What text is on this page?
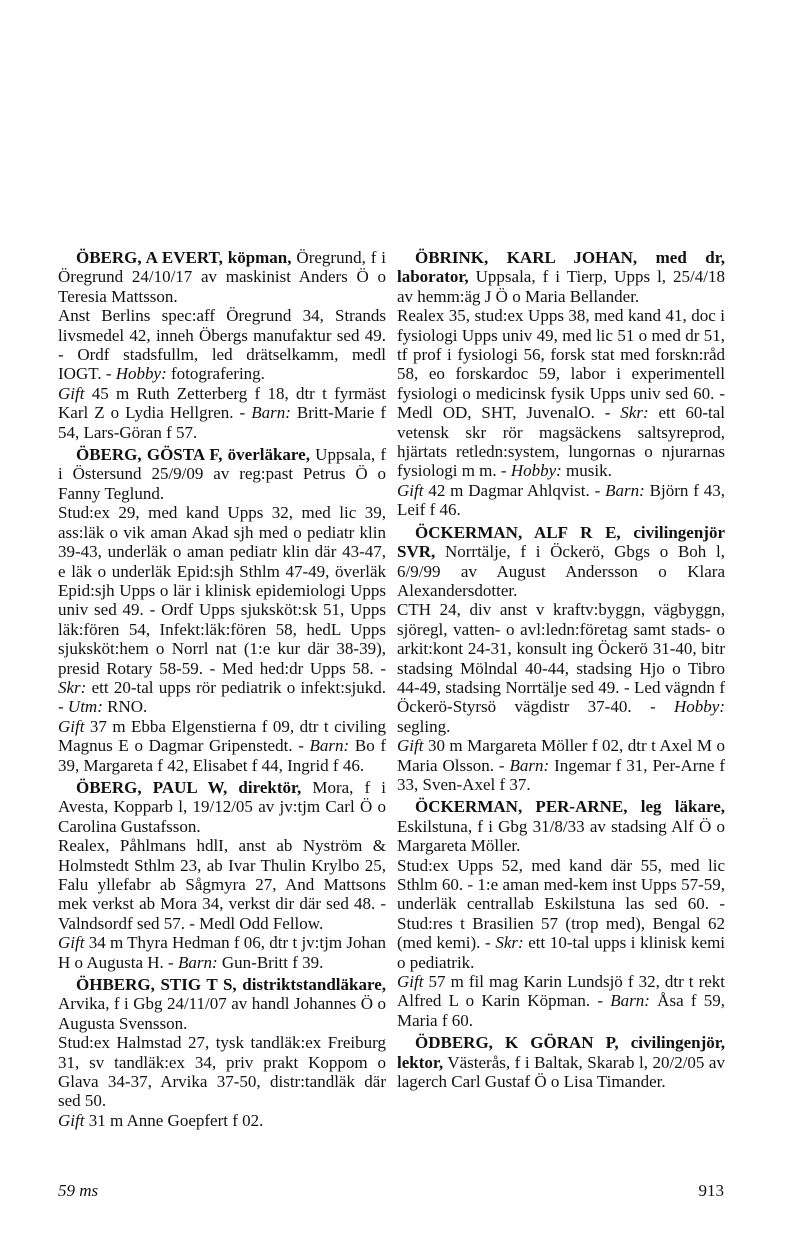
ÖBERG, A EVERT, köpman, Öregrund, f i Öregrund 24/10/17 av maskinist Anders Ö o Teresia Mattsson.

Anst Berlins spec:aff Öregrund 34, Strands livsmedel 42, inneh Öbergs manufaktur sed 49. - Ordf stadsfullm, led drätselkamm, medl IOGT. - Hobby: fotografering.

Gift 45 m Ruth Zetterberg f 18, dtr t fyrmäst Karl Z o Lydia Hellgren. - Barn: Britt-Marie f 54, Lars-Göran f 57.

ÖBERG, GÖSTA F, överläkare, Uppsala, f i Östersund 25/9/09 av reg:past Petrus Ö o Fanny Teglund.

Stud:ex 29, med kand Upps 32, med lic 39, ass:läk o vik aman Akad sjh med o pediatr klin 39-43, underläk o aman pediatr klin där 43-47, e läk o underläk Epid:sjh Sthlm 47-49, överläk Epid:sjh Upps o lär i klinisk epidemiologi Upps univ sed 49. - Ordf Upps sjuksköt:sk 51, Upps läk:fören 54, Infekt:läk:fören 58, hedL Upps sjuksköt:hem o Norrl nat (1:e kur där 38-39), presid Rotary 58-59. - Med hed:dr Upps 58. - Skr: ett 20-tal upps rör pediatrik o infekt:sjukd. - Utm: RNO.

Gift 37 m Ebba Elgenstierna f 09, dtr t civiling Magnus E o Dagmar Gripenstedt. - Barn: Bo f 39, Margareta f 42, Elisabet f 44, Ingrid f 46.

ÖBERG, PAUL W, direktör, Mora, f i Avesta, Kopparb l, 19/12/05 av jv:tjm Carl Ö o Carolina Gustafsson.

Realex, Påhlmans hdlI, anst ab Nyström & Holmstedt Sthlm 23, ab Ivar Thulin Krylbo 25, Falu yllefabr ab Sågmyra 27, And Mattsons mek verkst ab Mora 34, verkst dir där sed 48. - Valndsordf sed 57. - Medl Odd Fellow.

Gift 34 m Thyra Hedman f 06, dtr t jv:tjm Johan H o Augusta H. - Barn: Gun-Britt f 39.

ÖHBERG, STIG T S, distriktstandläkare, Arvika, f i Gbg 24/11/07 av handl Johannes Ö o Augusta Svensson.

Stud:ex Halmstad 27, tysk tandläk:ex Freiburg 31, sv tandläk:ex 34, priv prakt Koppom o Glava 34-37, Arvika 37-50, distr:tandläk där sed 50.

Gift 31 m Anne Goepfert f 02.

ÖBRINK, KARL JOHAN, med dr, laborator, Uppsala, f i Tierp, Upps l, 25/4/18 av hemm:äg J Ö o Maria Bellander.

Realex 35, stud:ex Upps 38, med kand 41, doc i fysiologi Upps univ 49, med lic 51 o med dr 51, tf prof i fysiologi 56, forsk stat med forskn:råd 58, eo forskardoc 59, labor i experimentell fysiologi o medicinsk fysik Upps univ sed 60. - Medl OD, SHT, JuvenalO. - Skr: ett 60-tal vetensk skr rör magsäckens saltsyreprod, hjärtats retledn:system, lungornas o njurarnas fysiologi m m. - Hobby: musik.

Gift 42 m Dagmar Ahlqvist. - Barn: Björn f 43, Leif f 46.

ÖCKERMAN, ALF R E, civilingenjör SVR, Norrtälje, f i Öckerö, Gbgs o Boh l, 6/9/99 av August Andersson o Klara Alexandersdotter.

CTH 24, div anst v kraftv:byggn, vägbyggn, sjöregl, vatten- o avl:ledn:företag samt stads- o arkit:kont 24-31, konsult ing Öckerö 31-40, bitr stadsing Mölndal 40-44, stadsing Hjo o Tibro 44-49, stadsing Norrtälje sed 49. - Led vägndn f Öckerö-Styrsö vägdistr 37-40. - Hobby: segling.

Gift 30 m Margareta Möller f 02, dtr t Axel M o Maria Olsson. - Barn: Ingemar f 31, Per-Arne f 33, Sven-Axel f 37.

ÖCKERMAN, PER-ARNE, leg läkare, Eskilstuna, f i Gbg 31/8/33 av stadsing Alf Ö o Margareta Möller.

Stud:ex Upps 52, med kand där 55, med lic Sthlm 60. - 1:e aman med-kem inst Upps 57-59, underläk centrallab Eskilstuna las sed 60. - Stud:res t Brasilien 57 (trop med), Bengal 62 (med kemi). - Skr: ett 10-tal upps i klinisk kemi o pediatrik.

Gift 57 m fil mag Karin Lundsjö f 32, dtr t rekt Alfred L o Karin Köpman. - Barn: Åsa f 59, Maria f 60.

ÖDBERG, K GÖRAN P, civilingenjör, lektor, Västerås, f i Baltak, Skarab l, 20/2/05 av lagerch Carl Gustaf Ö o Lisa Timander.

59 ms	913
